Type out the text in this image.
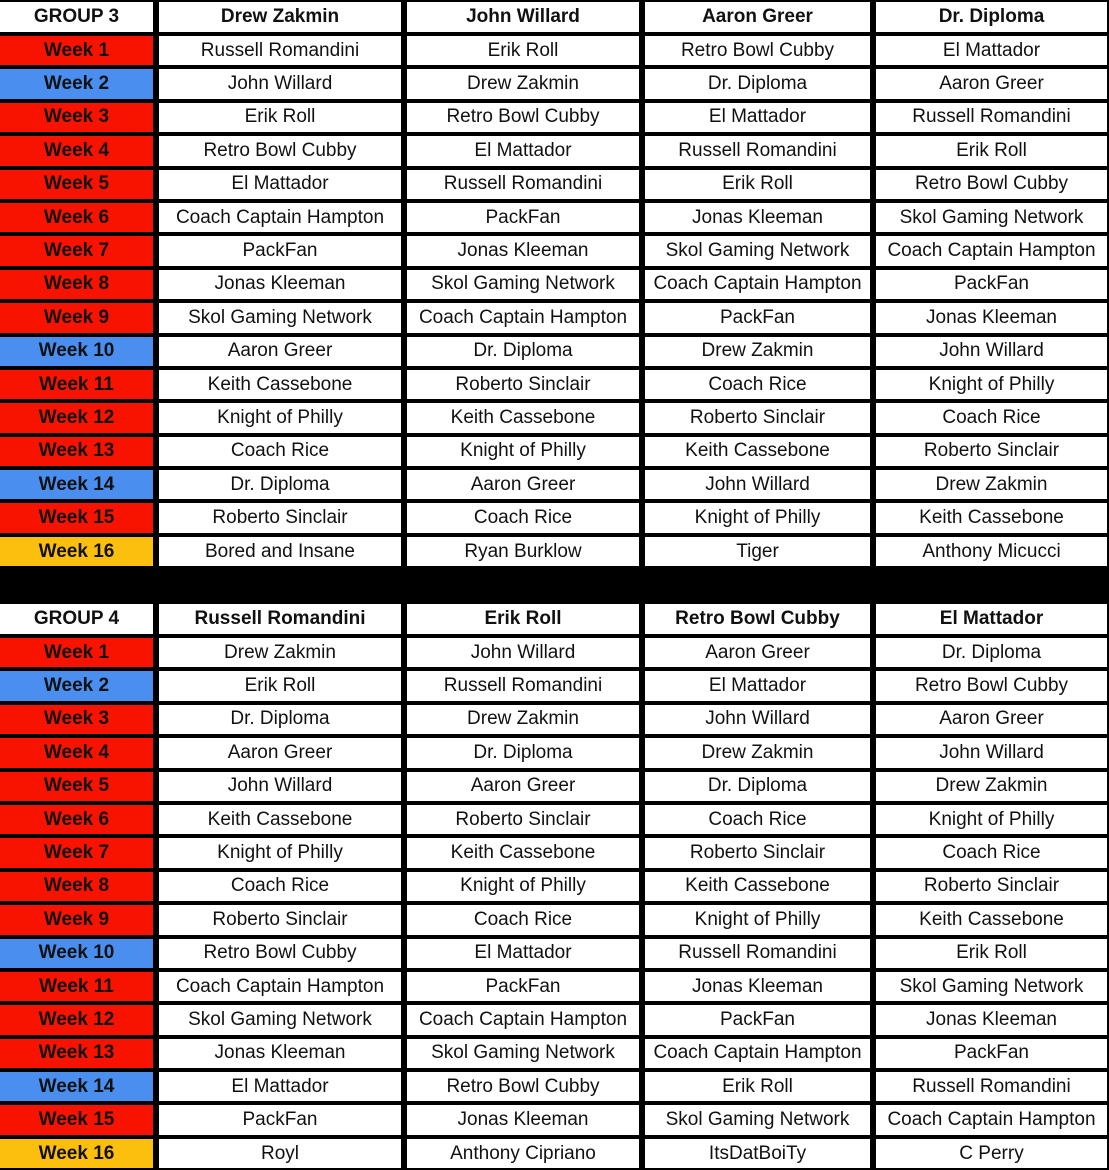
GROUP 3	Drew Zakmin	John Willard	Aaron Greer	Dr. Diploma
Week 1	Russell Romandini	Erik Roll	Retro Bowl Cubby	El Mattador
Week 2	John Willard	Drew Zakmin	Dr. Diploma	Aaron Greer
Week 3	Erik Roll	Retro Bowl Cubby	El Mattador	Russell Romandini
Week 4	Retro Bowl Cubby	El Mattador	Russell Romandini	Erik Roll
Week 5	El Mattador	Russell Romandini	Erik Roll	Retro Bowl Cubby
Week 6	Coach Captain Hampton	PackFan	Jonas Kleeman	Skol Gaming Network
Week 7	PackFan	Jonas Kleeman	Skol Gaming Network	Coach Captain Hampton
Week 8	Jonas Kleeman	Skol Gaming Network	Coach Captain Hampton	PackFan
Week 9	Skol Gaming Network	Coach Captain Hampton	PackFan	Jonas Kleeman
Week 10	Aaron Greer	Dr. Diploma	Drew Zakmin	John Willard
Week 11	Keith Cassebone	Roberto Sinclair	Coach Rice	Knight of Philly
Week 12	Knight of Philly	Keith Cassebone	Roberto Sinclair	Coach Rice
Week 13	Coach Rice	Knight of Philly	Keith Cassebone	Roberto Sinclair
Week 14	Dr. Diploma	Aaron Greer	John Willard	Drew Zakmin
Week 15	Roberto Sinclair	Coach Rice	Knight of Philly	Keith Cassebone
Week 16	Bored and Insane	Ryan Burklow	Tiger	Anthony Micucci
GROUP 4	Russell Romandini	Erik Roll	Retro Bowl Cubby	El Mattador
Week 1	Drew Zakmin	John Willard	Aaron Greer	Dr. Diploma
Week 2	Erik Roll	Russell Romandini	El Mattador	Retro Bowl Cubby
Week 3	Dr. Diploma	Drew Zakmin	John Willard	Aaron Greer
Week 4	Aaron Greer	Dr. Diploma	Drew Zakmin	John Willard
Week 5	John Willard	Aaron Greer	Dr. Diploma	Drew Zakmin
Week 6	Keith Cassebone	Roberto Sinclair	Coach Rice	Knight of Philly
Week 7	Knight of Philly	Keith Cassebone	Roberto Sinclair	Coach Rice
Week 8	Coach Rice	Knight of Philly	Keith Cassebone	Roberto Sinclair
Week 9	Roberto Sinclair	Coach Rice	Knight of Philly	Keith Cassebone
Week 10	Retro Bowl Cubby	El Mattador	Russell Romandini	Erik Roll
Week 11	Coach Captain Hampton	PackFan	Jonas Kleeman	Skol Gaming Network
Week 12	Skol Gaming Network	Coach Captain Hampton	PackFan	Jonas Kleeman
Week 13	Jonas Kleeman	Skol Gaming Network	Coach Captain Hampton	PackFan
Week 14	El Mattador	Retro Bowl Cubby	Erik Roll	Russell Romandini
Week 15	PackFan	Jonas Kleeman	Skol Gaming Network	Coach Captain Hampton
Week 16	Royl	Anthony Cipriano	ItsDatBoiTy	C Perry
